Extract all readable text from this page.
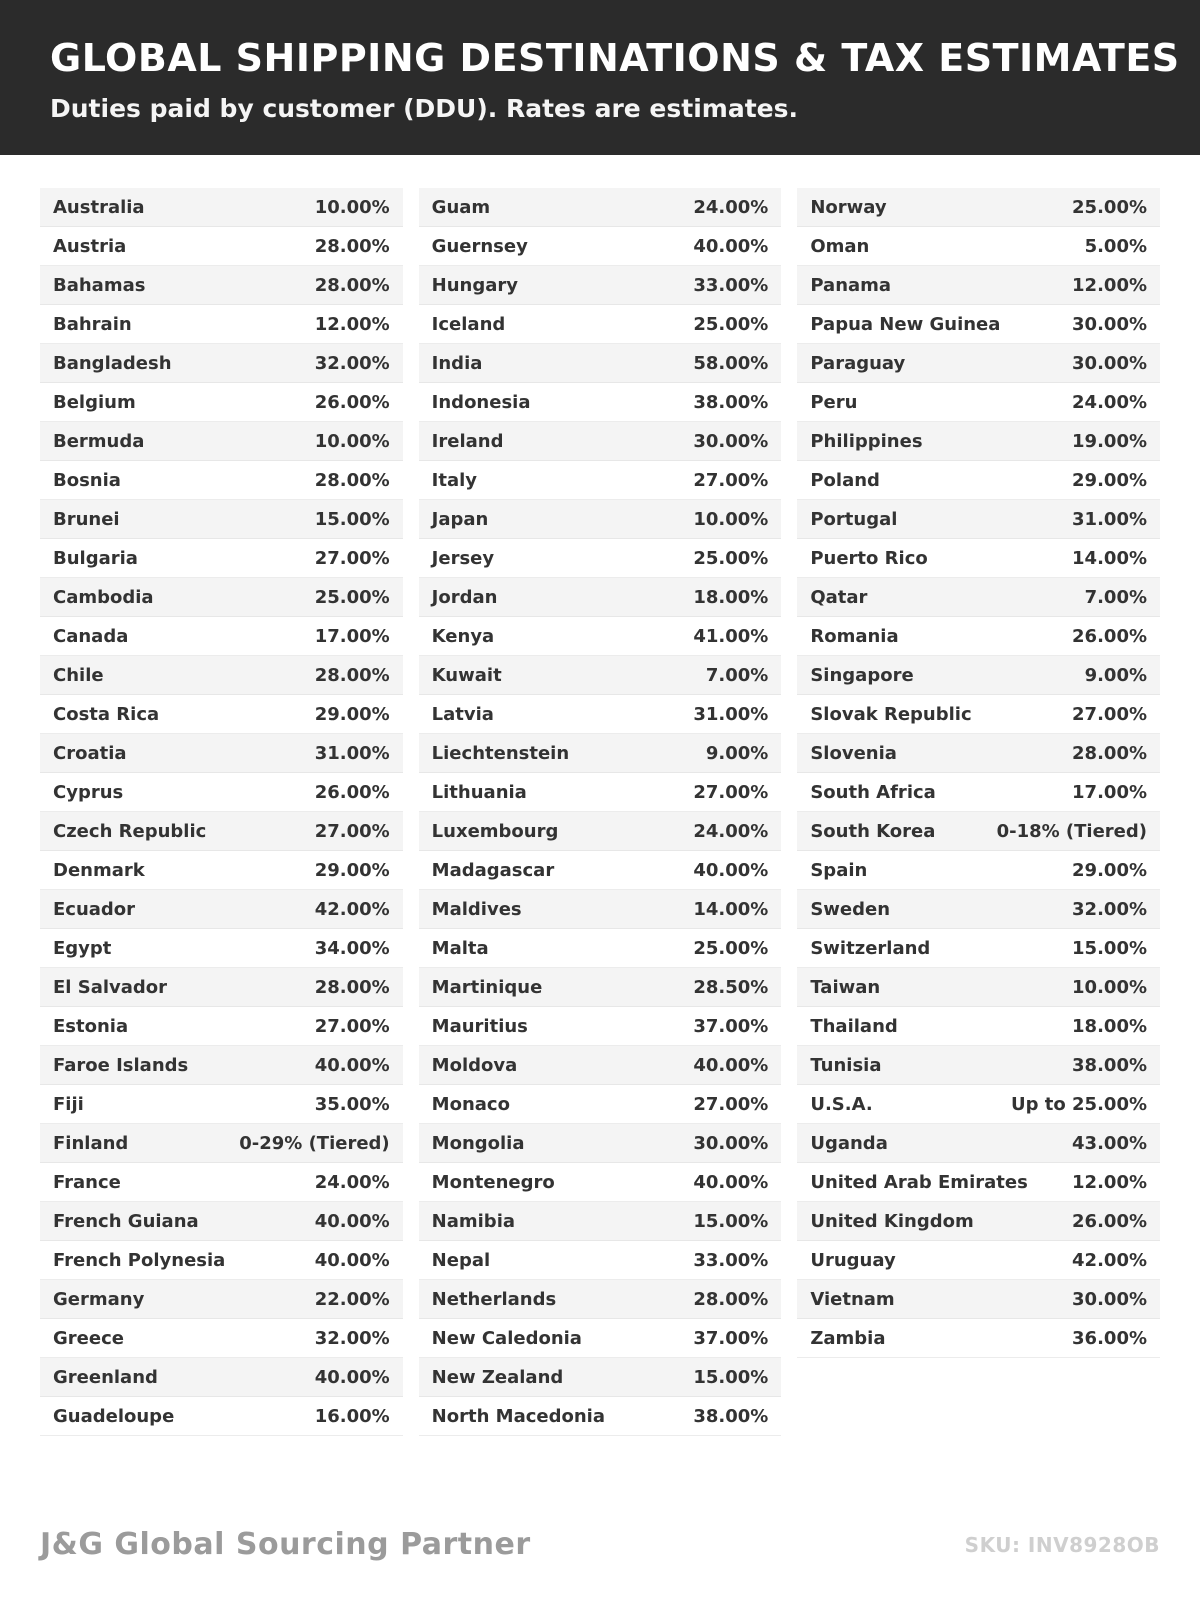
GLOBAL SHIPPING DESTINATIONS & TAX ESTIMATES
Duties paid by customer (DDU). Rates are estimates.
Australia	10.00%
Austria	28.00%
Bahamas	28.00%
Bahrain	12.00%
Bangladesh	32.00%
Belgium	26.00%
Bermuda	10.00%
Bosnia	28.00%
Brunei	15.00%
Bulgaria	27.00%
Cambodia	25.00%
Canada	17.00%
Chile	28.00%
Costa Rica	29.00%
Croatia	31.00%
Cyprus	26.00%
Czech Republic	27.00%
Denmark	29.00%
Ecuador	42.00%
Egypt	34.00%
El Salvador	28.00%
Estonia	27.00%
Faroe Islands	40.00%
Fiji	35.00%
Finland	0-29% (Tiered)
France	24.00%
French Guiana	40.00%
French Polynesia	40.00%
Germany	22.00%
Greece	32.00%
Greenland	40.00%
Guadeloupe	16.00%
Guam	24.00%
Guernsey	40.00%
Hungary	33.00%
Iceland	25.00%
India	58.00%
Indonesia	38.00%
Ireland	30.00%
Italy	27.00%
Japan	10.00%
Jersey	25.00%
Jordan	18.00%
Kenya	41.00%
Kuwait	7.00%
Latvia	31.00%
Liechtenstein	9.00%
Lithuania	27.00%
Luxembourg	24.00%
Madagascar	40.00%
Maldives	14.00%
Malta	25.00%
Martinique	28.50%
Mauritius	37.00%
Moldova	40.00%
Monaco	27.00%
Mongolia	30.00%
Montenegro	40.00%
Namibia	15.00%
Nepal	33.00%
Netherlands	28.00%
New Caledonia	37.00%
New Zealand	15.00%
North Macedonia	38.00%
Norway	25.00%
Oman	5.00%
Panama	12.00%
Papua New Guinea	30.00%
Paraguay	30.00%
Peru	24.00%
Philippines	19.00%
Poland	29.00%
Portugal	31.00%
Puerto Rico	14.00%
Qatar	7.00%
Romania	26.00%
Singapore	9.00%
Slovak Republic	27.00%
Slovenia	28.00%
South Africa	17.00%
South Korea	0-18% (Tiered)
Spain	29.00%
Sweden	32.00%
Switzerland	15.00%
Taiwan	10.00%
Thailand	18.00%
Tunisia	38.00%
U.S.A.	Up to 25.00%
Uganda	43.00%
United Arab Emirates 12.00%
United Kingdom	26.00%
Uruguay	42.00%
Vietnam	30.00%
Zambia	36.00%
J&G Global Sourcing Partner	SKU: INV8928OB
